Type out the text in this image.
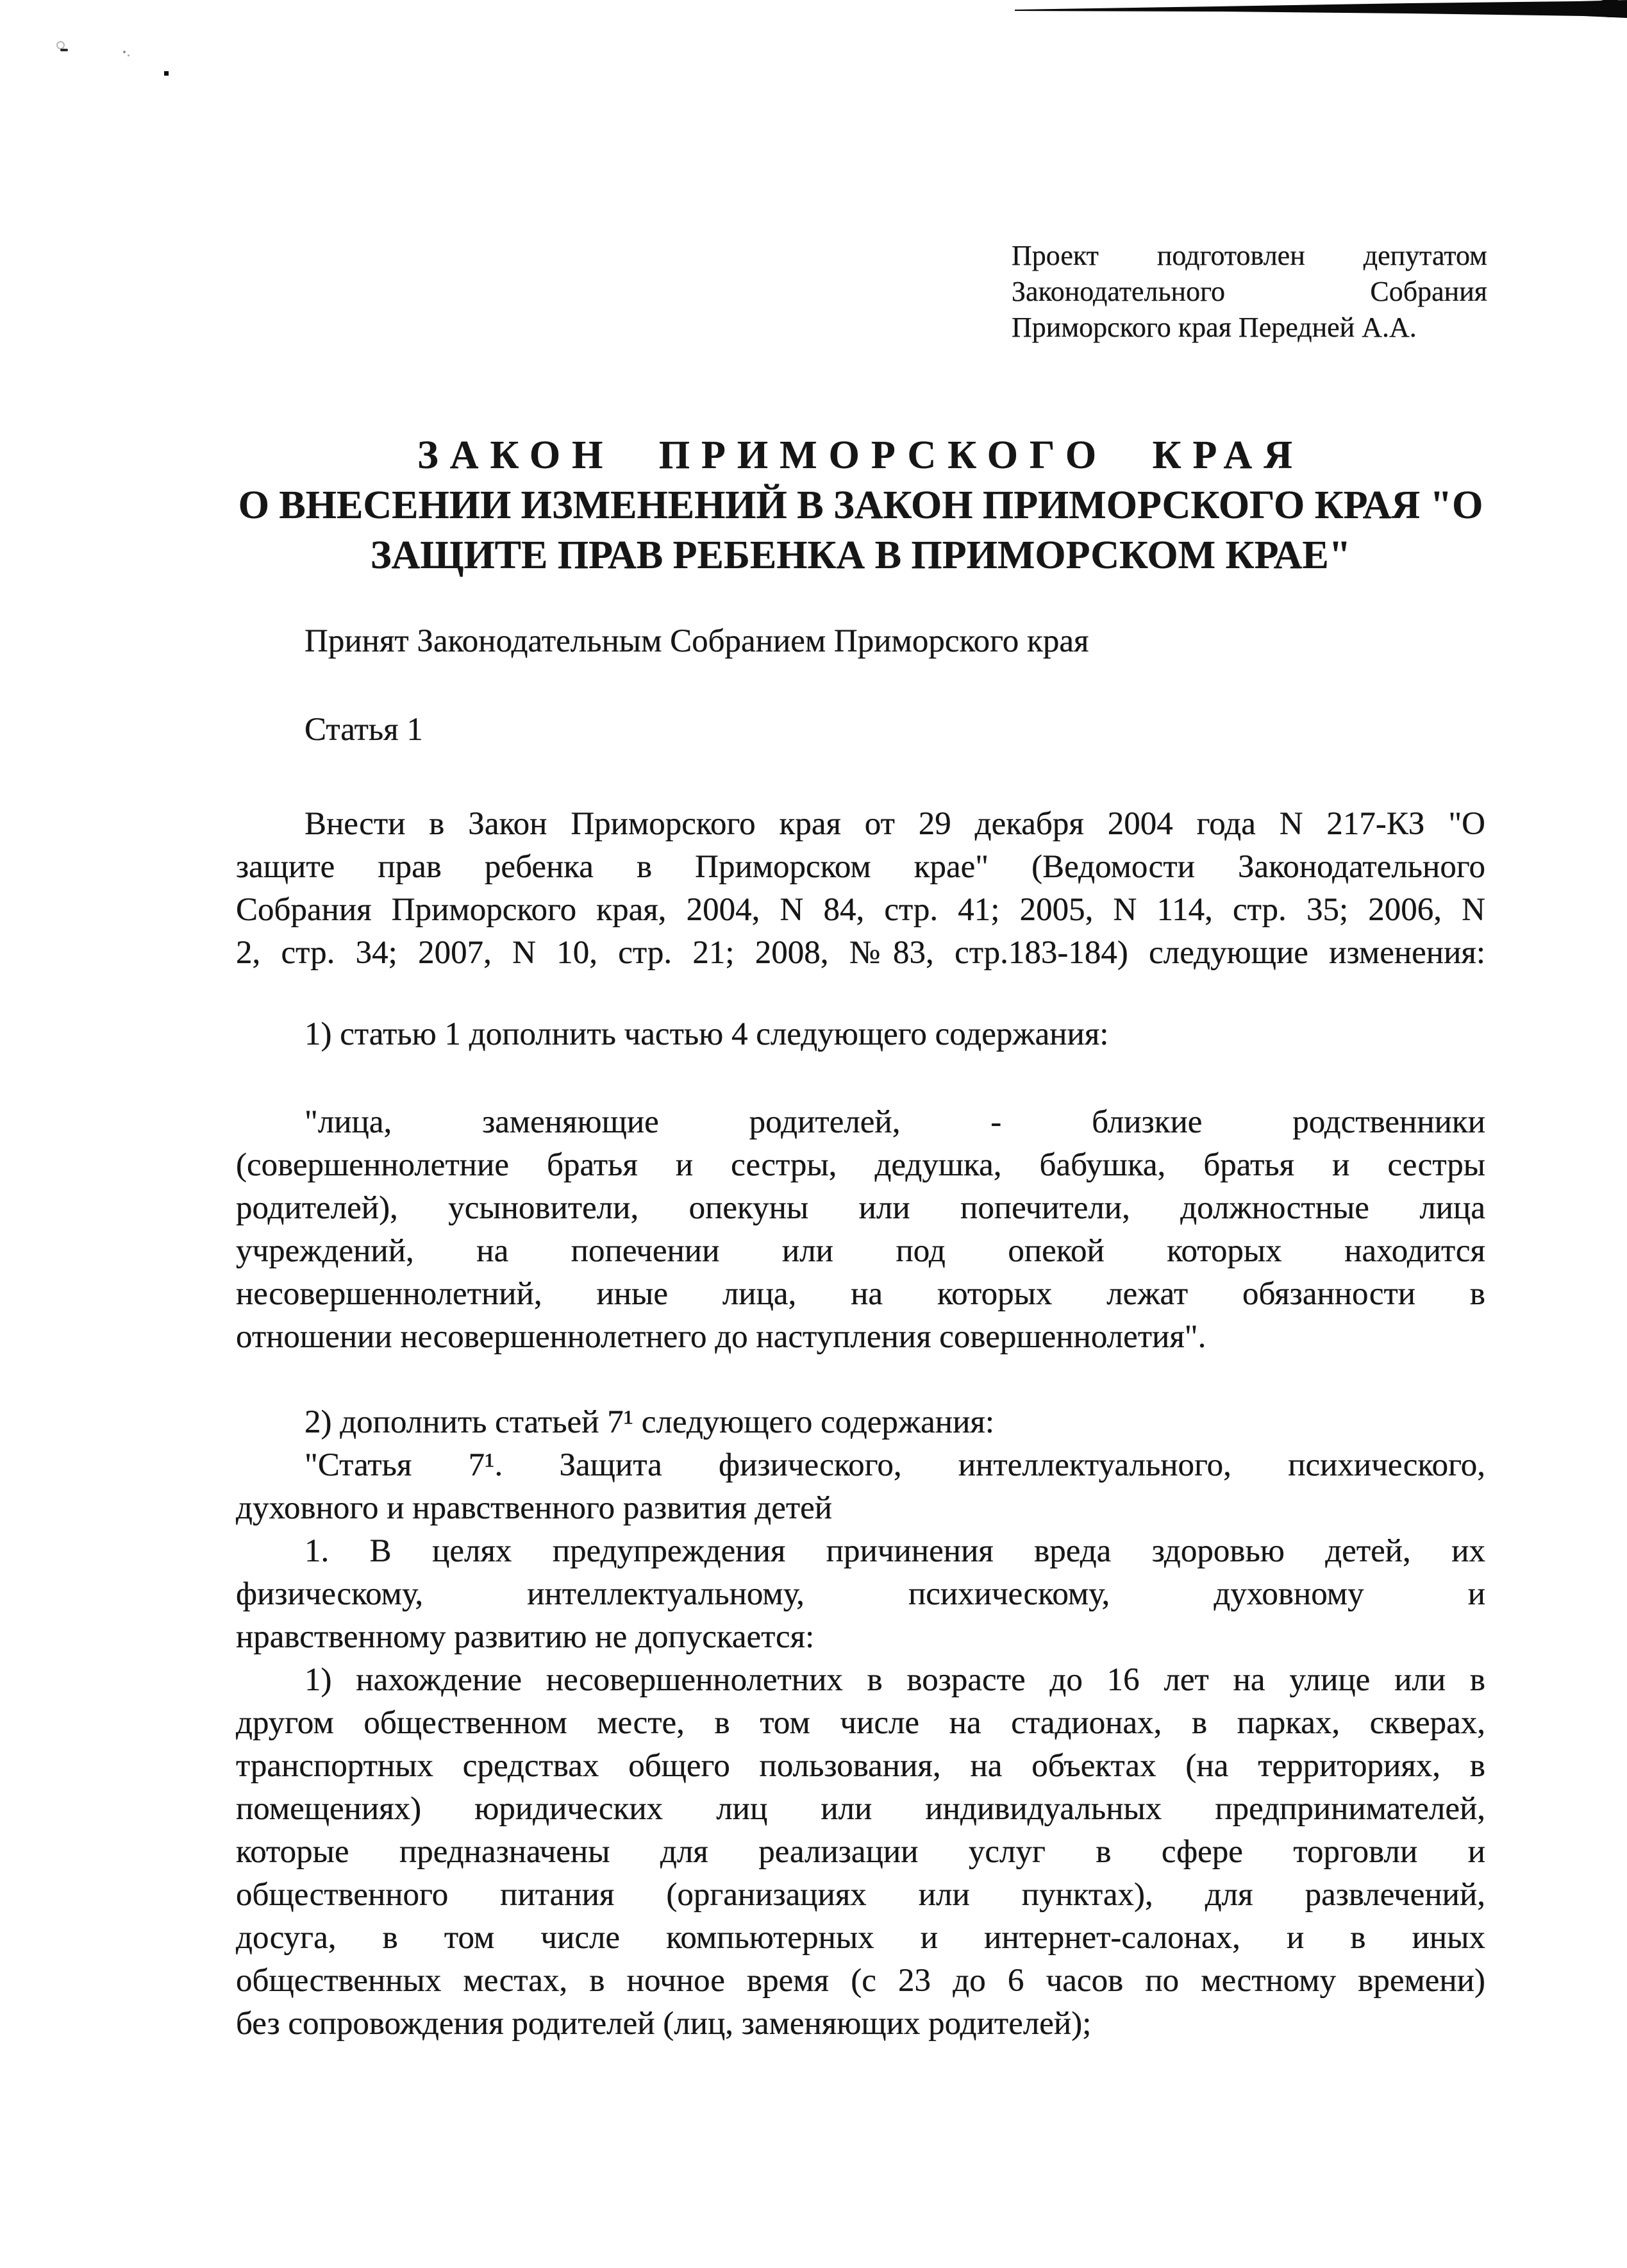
Проект подготовлен депутатом
Законодательного Собрания
Приморского края Передней А.А.
ЗАКОН ПРИМОРСКОГО КРАЯ
О ВНЕСЕНИИ ИЗМЕНЕНИЙ В ЗАКОН ПРИМОРСКОГО КРАЯ "О
ЗАЩИТЕ ПРАВ РЕБЕНКА В ПРИМОРСКОМ КРАЕ"
Принят Законодательным Собранием Приморского края
Статья 1
Внести в Закон Приморского края от 29 декабря 2004 года N 217-КЗ "О
защите прав ребенка в Приморском крае" (Ведомости Законодательного
Собрания Приморского края, 2004, N 84, стр. 41; 2005, N 114, стр. 35; 2006, N
2, стр. 34; 2007, N 10, стр. 21; 2008, №83, стр.183-184) следующие изменения:
1) статью 1 дополнить частью 4 следующего содержания:
"лица, заменяющие родителей, - близкие родственники
(совершеннолетние братья и сестры, дедушка, бабушка, братья и сестры
родителей), усыновители, опекуны или попечители, должностные лица
учреждений, на попечении или под опекой которых находится
несовершеннолетний, иные лица, на которых лежат обязанности в
отношении несовершеннолетнего до наступления совершеннолетия".
2) дополнить статьей 7¹ следующего содержания:
"Статья 7¹. Защита физического, интеллектуального, психического,
духовного и нравственного развития детей
1. В целях предупреждения причинения вреда здоровью детей, их
физическому, интеллектуальному, психическому, духовному и
нравственному развитию не допускается:
1) нахождение несовершеннолетних в возрасте до 16 лет на улице или в
другом общественном месте, в том числе на стадионах, в парках, скверах,
транспортных средствах общего пользования, на объектах (на территориях, в
помещениях) юридических лиц или индивидуальных предпринимателей,
которые предназначены для реализации услуг в сфере торговли и
общественного питания (организациях или пунктах), для развлечений,
досуга, в том числе компьютерных и интернет-салонах, и в иных
общественных местах, в ночное время (с 23 до 6 часов по местному времени)
без сопровождения родителей (лиц, заменяющих родителей);
